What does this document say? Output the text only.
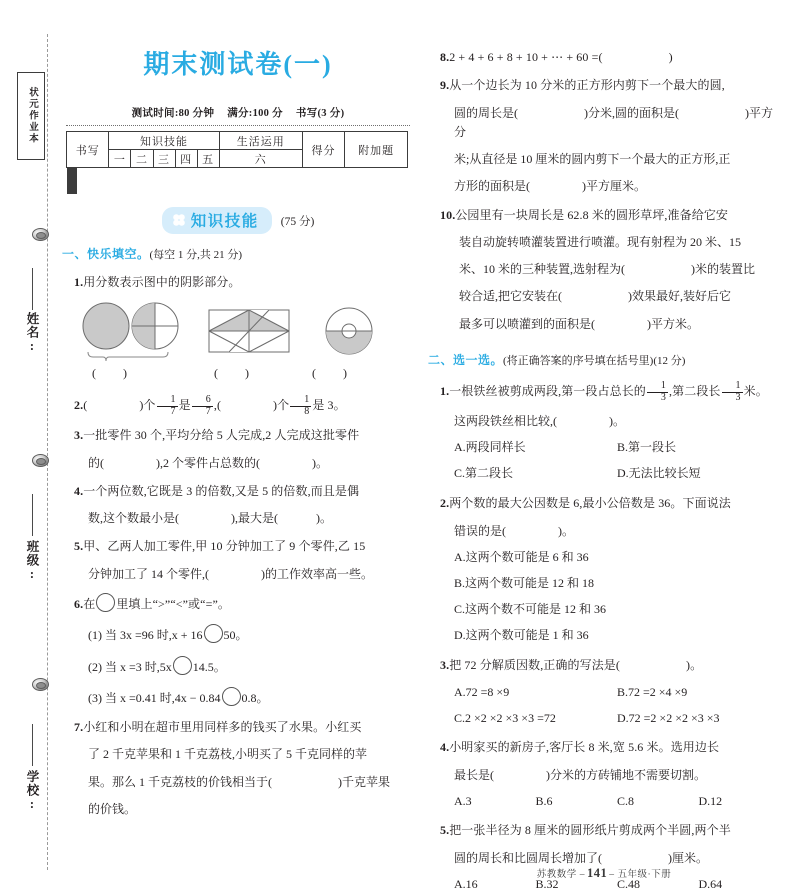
状元作业本
姓名:
班级:
学校:
期末测试卷(一)
测试时间:80 分钟 满分:100 分 书写(3 分)
书写	知识技能	生活运用	得分	附加题
一	二	三	四	五	六

知识技能 (75 分)
一、快乐填空。(每空 1 分,共 21 分)
1.用分数表示图中的阴影部分。
( )	( )	( )
2.(	)个 $\frac{1}{7}$ 是 $\frac{6}{7}$ ,(	)个 $\frac{1}{8}$ 是 3。
3.一批零件 30 个,平均分给 5 人完成,2 人完成这批零件
的(	),2 个零件占总数的(	)。
4.一个两位数,它既是 3 的倍数,又是 5 的倍数,而且是偶
数,这个数最小是(	),最大是(	)。
5.甲、乙两人加工零件,甲 10 分钟加工了 9 个零件,乙 15
分钟加工了 14 个零件,(	)的工作效率高一些。
6.在 里填上“>”“<”或“=”。
(1) 当 3x =96 时,x + 16 50。
(2) 当 x =3 时,5x 14.5。
(3) 当 x =0.41 时,4x − 0.84 0.8。
7.小红和小明在超市里用同样多的钱买了水果。小红买
了 2 千克苹果和 1 千克荔枝,小明买了 5 千克同样的苹
果。那么 1 千克荔枝的价钱相当于(	)千克苹果
的价钱。
8.2 + 4 + 6 + 8 + 10 + ⋯ + 60 =(	)
9.从一个边长为 10 分米的正方形内剪下一个最大的圆,
圆的周长是(	)分米,圆的面积是(	)平方分
米;从直径是 10 厘米的圆内剪下一个最大的正方形,正
方形的面积是(	)平方厘米。
10.公园里有一块周长是 62.8 米的圆形草坪,准备给它安
装自动旋转喷灌装置进行喷灌。现有射程为 20 米、15
米、10 米的三种装置,选射程为(	)米的装置比
较合适,把它安装在(	)效果最好,装好后它
最多可以喷灌到的面积是(	)平方米。
二、选一选。(将正确答案的序号填在括号里)(12 分)
1.一根铁丝被剪成两段,第一段占总长的 $\frac{1}{3}$ ,第二段长 $\frac{1}{3}$ 米。
这两段铁丝相比较,(	)。
A.两段同样长	B.第一段长
C.第二段长	D.无法比较长短
2.两个数的最大公因数是 6,最小公倍数是 36。下面说法
错误的是(	)。
A.这两个数可能是 6 和 36
B.这两个数可能是 12 和 18
C.这两个数不可能是 12 和 36
D.这两个数可能是 1 和 36
3.把 72 分解质因数,正确的写法是(	)。
A.72 =8 ×9	B.72 =2 ×4 ×9
C.2 ×2 ×2 ×3 ×3 =72	D.72 =2 ×2 ×2 ×3 ×3
4.小明家买的新房子,客厅长 8 米,宽 5.6 米。选用边长
最长是(	)分米的方砖铺地不需要切割。
A.3	B.6	C.8	D.12
5.把一张半径为 8 厘米的圆形纸片剪成两个半圆,两个半
圆的周长和比圆周长增加了(	)厘米。
A.16	B.32	C.48	D.64
苏教数学 – 141 – 五年级·下册
